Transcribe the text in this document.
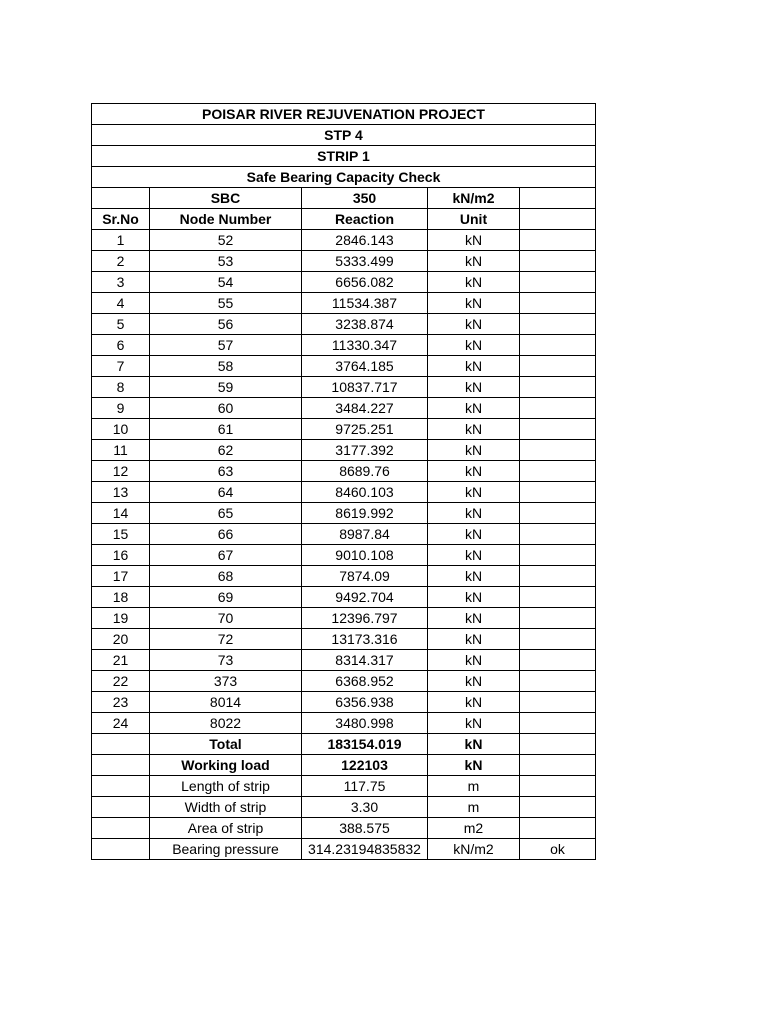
POISAR RIVER REJUVENATION PROJECT				
STP 4				
STRIP 1				
Safe Bearing Capacity Check				
	SBC	350	kN/m2	
Sr.No	Node Number	Reaction	Unit	
1	52	2846.143	kN	
2	53	5333.499	kN	
3	54	6656.082	kN	
4	55	11534.387	kN	
5	56	3238.874	kN	
6	57	11330.347	kN	
7	58	3764.185	kN	
8	59	10837.717	kN	
9	60	3484.227	kN	
10	61	9725.251	kN	
11	62	3177.392	kN	
12	63	8689.76	kN	
13	64	8460.103	kN	
14	65	8619.992	kN	
15	66	8987.84	kN	
16	67	9010.108	kN	
17	68	7874.09	kN	
18	69	9492.704	kN	
19	70	12396.797	kN	
20	72	13173.316	kN	
21	73	8314.317	kN	
22	373	6368.952	kN	
23	8014	6356.938	kN	
24	8022	3480.998	kN	
	Total	183154.019	kN	
	Working load	122103	kN	
	Length of strip	117.75	m	
	Width of strip	3.30	m	
	Area of strip	388.575	m2	
	Bearing pressure	314.23194835832	kN/m2	ok
